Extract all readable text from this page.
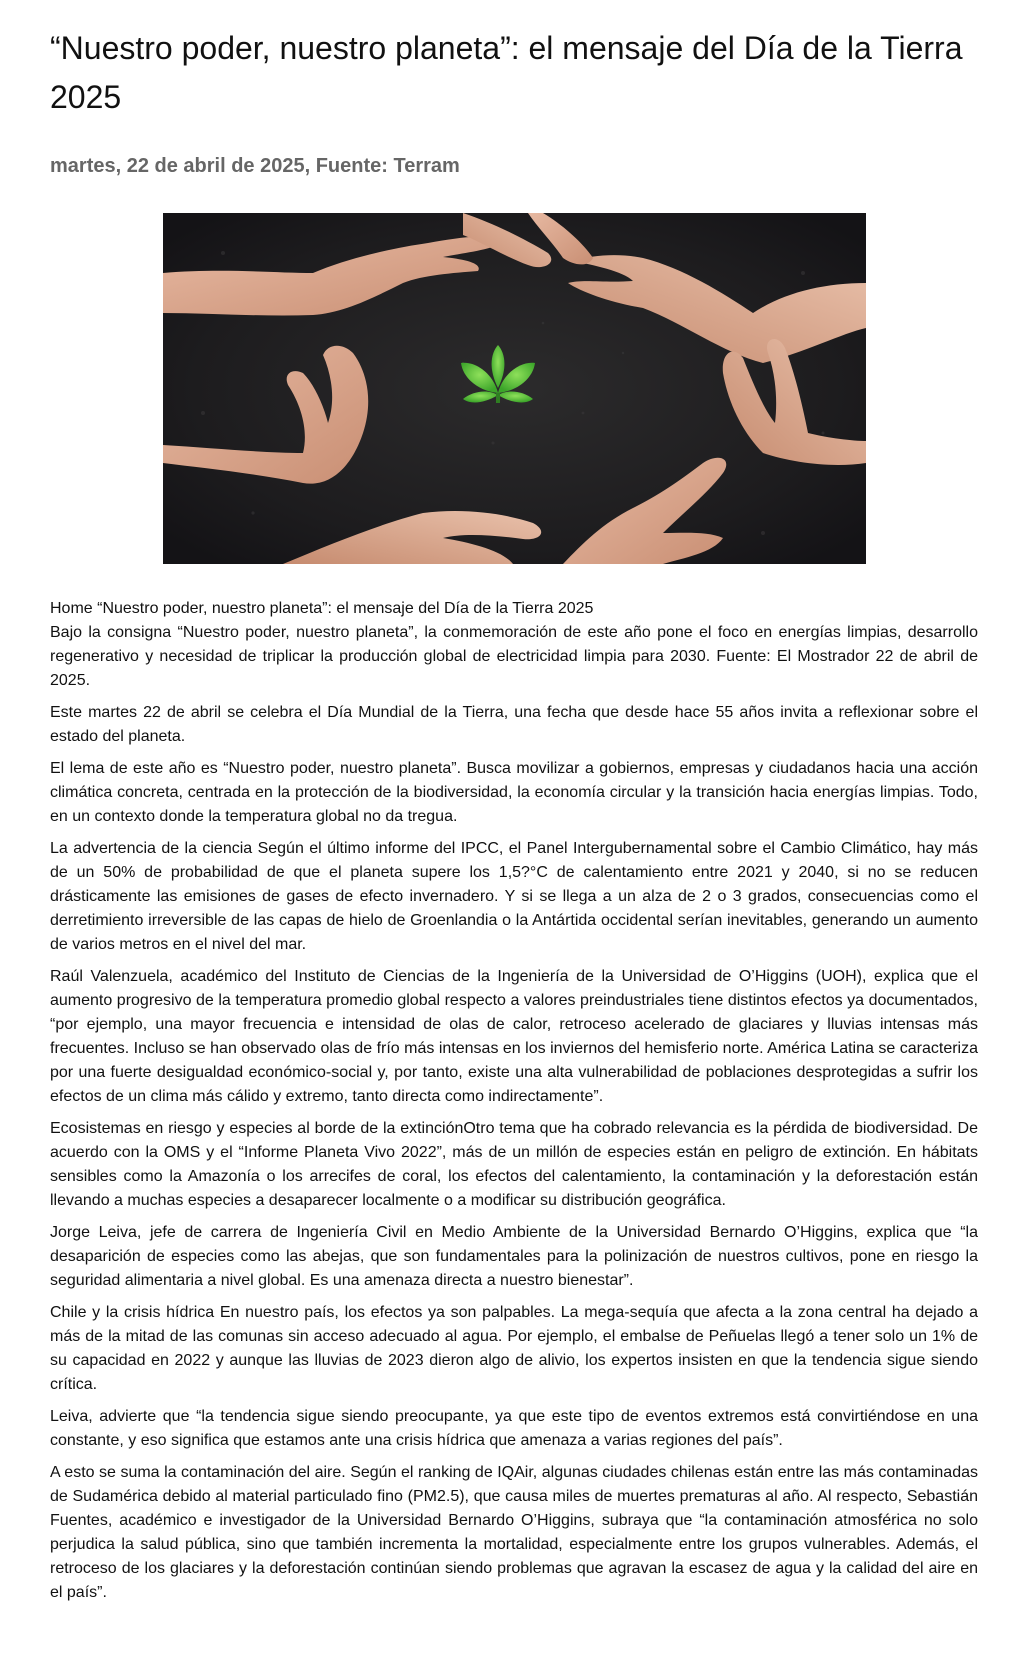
“Nuestro poder, nuestro planeta”: el mensaje del Día de la Tierra 2025
martes, 22 de abril de 2025, Fuente: Terram
Home “Nuestro poder, nuestro planeta”: el mensaje del Día de la Tierra 2025

Bajo la consigna “Nuestro poder, nuestro planeta”, la conmemoración de este año pone el foco en energías limpias, desarrollo regenerativo y necesidad de triplicar la producción global de electricidad limpia para 2030. Fuente: El Mostrador 22 de abril de 2025.

Este martes 22 de abril se celebra el Día Mundial de la Tierra, una fecha que desde hace 55 años invita a reflexionar sobre el estado del planeta.

El lema de este año es “Nuestro poder, nuestro planeta”. Busca movilizar a gobiernos, empresas y ciudadanos hacia una acción climática concreta, centrada en la protección de la biodiversidad, la economía circular y la transición hacia energías limpias. Todo, en un contexto donde la temperatura global no da tregua.

La advertencia de la ciencia Según el último informe del IPCC, el Panel Intergubernamental sobre el Cambio Climático, hay más de un 50% de probabilidad de que el planeta supere los 1,5?°C de calentamiento entre 2021 y 2040, si no se reducen drásticamente las emisiones de gases de efecto invernadero. Y si se llega a un alza de 2 o 3 grados, consecuencias como el derretimiento irreversible de las capas de hielo de Groenlandia o la Antártida occidental serían inevitables, generando un aumento de varios metros en el nivel del mar.

Raúl Valenzuela, académico del Instituto de Ciencias de la Ingeniería de la Universidad de O’Higgins (UOH), explica que el aumento progresivo de la temperatura promedio global respecto a valores preindustriales tiene distintos efectos ya documentados, “por ejemplo, una mayor frecuencia e intensidad de olas de calor, retroceso acelerado de glaciares y lluvias intensas más frecuentes. Incluso se han observado olas de frío más intensas en los inviernos del hemisferio norte. América Latina se caracteriza por una fuerte desigualdad económico-social y, por tanto, existe una alta vulnerabilidad de poblaciones desprotegidas a sufrir los efectos de un clima más cálido y extremo, tanto directa como indirectamente”.

Ecosistemas en riesgo y especies al borde de la extinciónOtro tema que ha cobrado relevancia es la pérdida de biodiversidad. De acuerdo con la OMS y el “Informe Planeta Vivo 2022”, más de un millón de especies están en peligro de extinción. En hábitats sensibles como la Amazonía o los arrecifes de coral, los efectos del calentamiento, la contaminación y la deforestación están llevando a muchas especies a desaparecer localmente o a modificar su distribución geográfica.

Jorge Leiva, jefe de carrera de Ingeniería Civil en Medio Ambiente de la Universidad Bernardo O’Higgins, explica que “la desaparición de especies como las abejas, que son fundamentales para la polinización de nuestros cultivos, pone en riesgo la seguridad alimentaria a nivel global. Es una amenaza directa a nuestro bienestar”.

Chile y la crisis hídrica En nuestro país, los efectos ya son palpables. La mega-sequía que afecta a la zona central ha dejado a más de la mitad de las comunas sin acceso adecuado al agua. Por ejemplo, el embalse de Peñuelas llegó a tener solo un 1% de su capacidad en 2022 y aunque las lluvias de 2023 dieron algo de alivio, los expertos insisten en que la tendencia sigue siendo crítica.

Leiva, advierte que “la tendencia sigue siendo preocupante, ya que este tipo de eventos extremos está convirtiéndose en una constante, y eso significa que estamos ante una crisis hídrica que amenaza a varias regiones del país”.

A esto se suma la contaminación del aire. Según el ranking de IQAir, algunas ciudades chilenas están entre las más contaminadas de Sudamérica debido al material particulado fino (PM2.5), que causa miles de muertes prematuras al año. Al respecto, Sebastián Fuentes, académico e investigador de la Universidad Bernardo O’Higgins, subraya que “la contaminación atmosférica no solo perjudica la salud pública, sino que también incrementa la mortalidad, especialmente entre los grupos vulnerables. Además, el retroceso de los glaciares y la deforestación continúan siendo problemas que agravan la escasez de agua y la calidad del aire en el país”.
